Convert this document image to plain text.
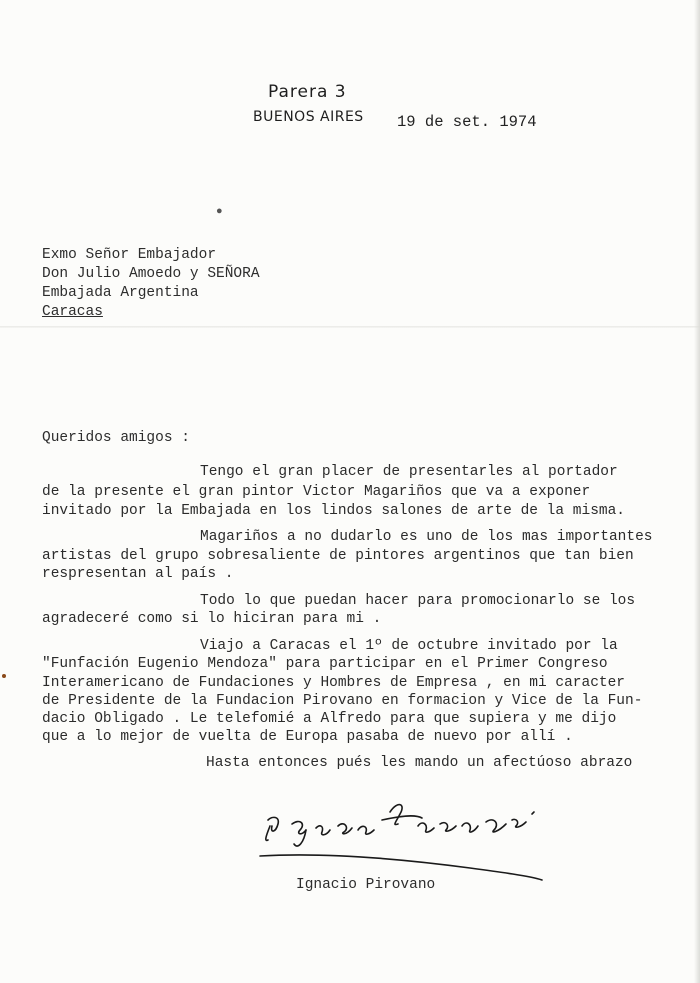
Parera 3
BUENOS AIRES 19 de set. 1974
●
Exmo Señor Embajador
Don Julio Amoedo y SEÑORA
Embajada Argentina
Caracas
Queridos amigos :
Tengo el gran placer de presentarles al portador
de la presente el gran pintor Victor Magariños que va a exponer
invitado por la Embajada en los lindos salones de arte de la misma.
Magariños a no dudarlo es uno de los mas importantes
artistas del grupo sobresaliente de pintores argentinos que tan bien
respresentan al país .
Todo lo que puedan hacer para promocionarlo se los
agradeceré como si lo hiciran para mi .
Viajo a Caracas el 1º de octubre invitado por la
"Funfación Eugenio Mendoza" para participar en el Primer Congreso
Interamericano de Fundaciones y Hombres de Empresa , en mi caracter
de Presidente de la Fundacion Pirovano en formacion y Vice de la Fun-
dacio Obligado . Le telefomié a Alfredo para que supiera y me dijo
que a lo mejor de vuelta de Europa pasaba de nuevo por allí .
Hasta entonces pués les mando un afectúoso abrazo
Ignacio Pirovano
